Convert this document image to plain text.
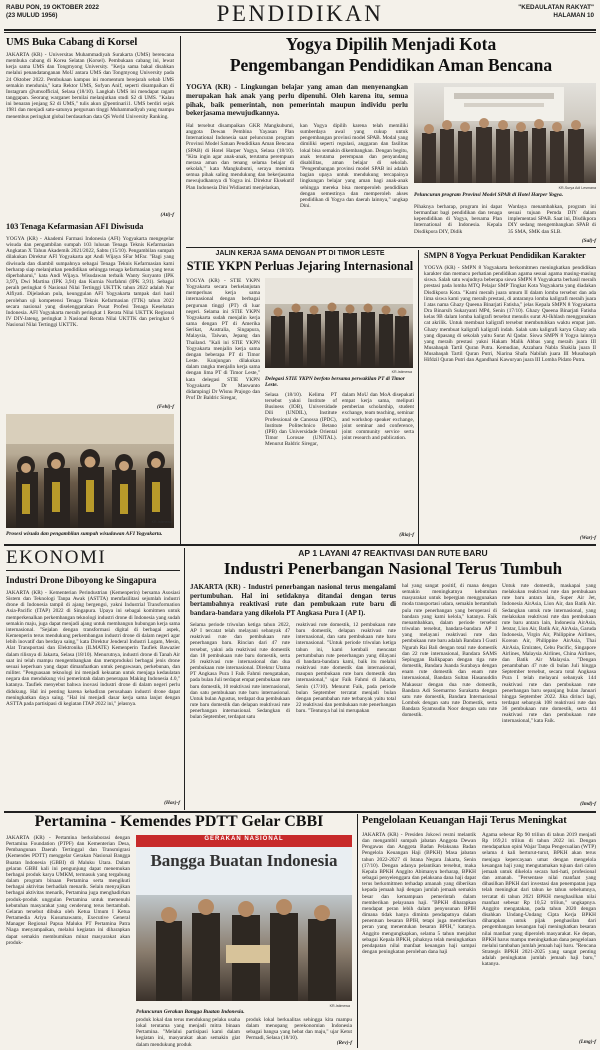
RABU PON, 19 OKTOBER 2022
(23 MULUD 1956)	PENDIDIKAN	"KEDAULATAN RAKYAT"
HALAMAN 10
UMS Buka Cabang di Korsel
JAKARTA (KR) - Universitas Muhammadiyah Surakarta (UMS) berencana membuka cabang di Korea Selatan (Korsel). Pembukaan cabang ini, lewat kerja sama UMS dan Tongmyong University. "Kerja sama bakal disahkan melalui penandatanganan MoU antara UMS dan Tongmyong University pada 24 Oktober 2022. Pembukaan kampus ini momentum berejarah sebab UMS semakin mendunia," kata Rektor UMS, Sofyan Anif, seperti disampaikan di Instagram @umsofficial, Selasa (18/10). Langkah UMS ini mendapat ragam tanggapan. Seorang warganet bernilai melanjutkan studi S2 di UMS. "Kalau ini benaran jenjang S2 di UMS," tulis akun @pentinarii1. UMS berdiri sejak 1981 dan menjadi satu-satunya perguruan tinggi Muhammadiyah yang mampu menembus peringkat global berdasarkan data QS World University Ranking.
(Ati)-f
103 Tenaga Kefarmasian AFI Diwisuda
YOGYA (KR) - Akademi Farmasi Indonesia (AFI) Yogyakarta mengegelar wisuda dan pengambilan sumpah 103 lulusan Tenaga Teknis Kefarmasian Angkatan X Tahun Akademik 2021/2022, Sabtu (15/10). Pengambilan sumpah dilakukan Direktur AFI Yogyakarta apt Andi Wijaya SFar MFar. "Bagi yang diwisuda dan diambil sumpahnya sebagai Tenaga Teknis Kefarmasian kami berharap siap melanjutkan pendidikan sehingga tenaga kefarmasian yang terus diperbaharui," kata Andi Wijaya. Wisudawan terbaik Wanty Suryanto (IPK 3,97), Dwi Martina (IPK 3,94) dan Kurnia Nurfahmi (IPK 3,91). Sebagai peraih peringkat 6 Nasional Nilai Tertinggi UKTTK tahun 2022 adalah Nur Alfiyati. Dijelaskan pula, keunggulan AFI Yogyakarta tampak dari hasil perolehan uji kompetensi Tenaga Teknis Kefarmasian (TTK) tahun 2022 secara nasional yang diselenggarakan Pusat Profesi Tenaga Kesehatan Indonesia. AFI Yogyakarta meraih peringkat 1 Rerata Nilai UKTTK Regional IV DIY-Jateng, peringkat 3 Nasional Rerata Nilai UKTTK dan peringkat 6 Nasional Nilai Tertinggi UKTTK.
(Febi)-f
KR-Istimewa
Prosesi wisuda dan pengambilan sumpah wisudawan AFI Yogyakarta.
Yogya Dipilih Menjadi Kota
Pengembangan Pendidikan Aman Bencana
YOGYA (KR) - Lingkungan belajar yang aman dan menyenangkan merupakan hak anak yang perlu dipenuhi. Oleh karena itu, semua pihak, baik pemerintah, non pemerintah maupun individu perlu bekerjasama mewujudkannya.
Hal tersebut disampaikan GKR Mangkubumi, anggota Dewan Pembina Yayasan Plan International Indonesia saat peluncuran program Provinsi Model Satuan Pendidikan Aman Bencana (SPAB) di Hotel Harper Yogya, Selasa (18/10). "Kita ingin agar anak-anak, terutama perempuan merasa aman dan tenang selama belajar di sekolah," kata Mangkubumi, seraya meminta semua pihak saling mendukung dan bekerjasama mewujudkannya di Yogya ini. Direktur Eksekutif Plan Indonesia Dini Widiastuti menjelaskan,
kan Yogya dipilih karena telah memiliki sumberdaya awal yang cukup untuk pengembangan provinsi model SPAB. Modal yang dimiliki seperti regulasi, anggaran dan fasilitas lokal bisa semakin dikembangkan. Dengan begitu, anak terutama perempuan dan penyandang disabilitas, aman belajar di sekolah. "Pengembangan provinsi model SPAB ini adalah bagian upaya untuk mendukung tercapainya lingkungan belajar yang aman bagi anak-anak sehingga mereka bisa memperoleh pendidikan dengan semestinya dan memperoleh akses pendidikan di Yogya dan daerah lainnya," ungkap Dini.
KR-Surya Adi Lesmana
Peluncuran program Provinsi Model SPAB di Hotel Harper Yogya.
Pihaknya berharap, program ini dapat bermanfaat bagi pendidikan dan tenaga kependidikan di Yogya, bersama Plan International di Indonesia. Kepala Disdikpora DIY, Didik
Wardaya menambahkan, program ini sesuai tujuan Pemda DIY dalam implementasi SPAB. Saat ini, Disdikpora DIY sedang mengembangkan SPAB di 35 SMA, SMK dan SLB.
(Sal)-f
JALIN KERJA SAMA DENGAN PT DI TIMOR LESTE
STIE YKPN Perluas Jejaring Internasional
YOGYA (KR) - STIE YKPN Yogyakarta secara berkelanjutan memperluas kerja sama internasional dengan berbagai perguruan tinggi (PT) di luar negeri. Selama ini STIE YKPN Yogyakarta sudah menjalin kerja sama dengan PT di Amerika Serikat, Australia, Singapura, Malaysia, Taiwan, Jepang dan Thailand. "Kali ini STIE YKPN Yogyakarta menjalin kerja sama dengan beberapa PT di Timor Leste. Kunjungan dilakukan dalam rangka menjalin kerja sama dengan lima PT di Timor Leste," kata delegasi STIE YKPN Yogyakarta Dr Maswanto didampingi Dr Wisnu Prajogo dan Prof Dr Baldric Siregar,
KR-Istimewa
Delegasi STIE YKPN berfoto bersama perwakilan PT di Timor Leste.
Selasa (18/10). Kelima PT tersebut yakni Institute of Business (IOB), Universidade Dili (UNDIL), Institute Professional de Canossa (IPDC), Institute Politechnico Betano (IPB) dan Universidade Oriental Timor Lorosae (UNITAL). Menurut Baldric Siregar,
dalam MoU dan MoA disepakati empat kerja sama, meliputi pemberian scholarship, student exchange, team teaching, seminar and workshop speaker exchange, joint seminar and conference, joint community service serta joint research and publication.
(Ria)-f
SMPN 8 Yogya Perkuat Pendidikan Karakter
YOGYA (KR) - SMPN 8 Yogyakarta berkomitmen meningkatkan pendidikan karakter dan memacu perhatian pendidikan agama sesuai agama masing-masing siswa. Salah satu wujudnya beberapa siswa SMPN 8 Yogyakarta berhasil meraih prestasi pada lomba MTQ Pelajar SMP Tingkat Kota Yogyakarta yang diadakan Disdikpora Kota. "Kami meraih juara umum II dalam lomba tersebut dan ada lima siswa kami yang meraih prestasi, di antaranya lomba kaligrafi meraih juara I atas nama Ghazy Queena Binarjati Fatisha," jelas Kepala SMPN 8 Yogyakarta Dra Binarsih Sukaryanti MPd, Senin (17/10). Ghazy Queena Binarjati Fatisha kelas 9B dalam lomba kaligrafi tersebut menulis surat Al-Ikhlash menggunakan cat akrilik. Untuk membuat kaligrafi tersebut membutuhkan waktu empat jam. Ghazy membuat kaligrafi kaligrafi indah. Salah satu kaligrafi karya Ghazy ada yang dipasang di sekolah yaitu Surat Al Qadar. Siswa SMPN 8 Yogya lainnya yang meraih prestasi yakni Hakam Malik Abbas yang meraih juara III Musabaqah Tartil Quran Putra. Kemudian, Azzahara Nabla Shakila juara II Musabaqah Tartil Quran Putri, Niarina Shafa Nabilah juara III Musabaqah Hifdzil Quran Putri dan Agandhani Kawuryan juara III Lomba Pidato Putra.
(War)-f
EKONOMI
Industri Drone Diboyong ke Singapura
JAKARTA (KR) - Kementerian Perindustrian (Kemenperin) bersama Asosiasi Sistem dan Teknologi Tanpa Awak (ASTTA) memfasilitasi sejumlah industri drone di Indonesia tampil di ajang bergengsi, yakni Industrial Transformation Asia-Pacific (ITAP) 2022 di Singapura. Upaya ini sebagai komitmen untuk memperkenalkan perkembangan teknologi industri drone di Indonesia yang sudah semakin maju, juga dapat menjadi ajang untuk membangun hubungan kerja sama internasional. "Sejalan dengan transformasi digital di berbagai aspek, Kemenperin terus mendukung perkembangan industri drone di dalam negeri agar lebih inovatif dan berdaya saing," kata Direktur Jenderal Industri Logam, Mesin, Alat Transportasi dan Elektronika (ILMATE) Kemenperin Taufiek Bawazier dalam rilisnya di Jakarta, Selasa (18/10). Menurutnya, industri drone di Tanah Air saat ini telah mampu mengembangkan dan memproduksi berbagai jenis drone sesuai keperluan yang dapat dimanfaatkan untuk pengawasan, perkebunan, dan militer. "Penguasaan teknologi ini menjadi kekuatan untuk menjaga kedaulatan negara dan mendukung visi pemerintah dalam penerapan Making Indonesia 4.0," katanya. Taufiek menyebut bahwa inovasi industri drone di dalam negeri perlu didukung. Hal ini penting karena kehadiran perusahaan industri drone dapat meningkatkan daya saing. "Hal ini menjadi dasar kerja sama lanjut dengan ASTTA pada partisipasi di kegiatan ITAP 2022 ini," jelasnya.
(Has)-f
AP 1 LAYANI 47 REAKTIVASI DAN RUTE BARU
Industri Penerbangan Nasional Terus Tumbuh
JAKARTA (KR) - Industri penerbangan nasional terus mengalami pertumbuhan. Hal ini setidaknya ditandai dengan terus bertambahnya reaktivasi rute dan pembukaan rute baru di bandara-bandara yang dikelola PT Angkasa Pura I (AP I).
Selama periode triwulan ketiga tahun 2022, AP I tercatat telah melayani sebanyak 47 reaktivasi rute dan pembukaan rute penerbangan baru. Rincian dari 47 rute tersebut, yakni ada reaktivasi rute domestik dan 18 pembukaan rute baru domestik, serta 26 reaktivasi rute internasional dan dua pembukaan rute internasional. Direktur Utama PT Angkasa Pura I Faik Fahmi mengatakan, pada bulan Juli terdapat empat pembukaan rute baru domestik, 10 reaktivasi rute internasional, dan satu pembukaan rute baru internasional. Untuk bulan Agustus, terdapat dua pembukaan rute baru domestik dan delapan reaktivasi rute penerbangan internasional. Sedangkan di bulan September, terdapat satu
reaktivasi rute domestik, 12 pembukaan rute baru domestik, delapan reaktivasi rute internasional, dan satu pembukaan rute baru internasional. "Untuk periode triwulan ketiga tahun ini, kami kembali mencatat pertumbuhan rute penerbangan yang dilayani di bandara-bandara kami, baik itu melalui reaktivasi rute domestik dan internasional, maupun pembukaan rute baru domestik dan internasional," ujar Faik Fahmi di Jakarta, Senin (17/10). Menurut Faik, pada periode bulan September tercatat menjadi bulan dengan penambahan rute terbanyak yaitu total 22 reaktivasi dan pembukaan rute penerbangan baru. "Tentunya hal ini merupakan
hal yang sangat positif, di mana dengan semakin meningkatnya kebutuhan masyarakat untuk bepergian menggunakan moda transportasi udara, semakin bertambah pula rute penerbangan yang beroperasi di bandara yang kami kelola," katanya. Faik menambahkan, dalam periode tersebut triwulan tersebut, bandara-bandara AP I yang melayani reaktivasi rute dan pembukaan rute baru adalah Bandara I Gusti Ngurah Rai Bali dengan total rute domestik dan 22 rute internasional, Bandara SAMS Sepinggan Balikpapan dengan tiga rute domestik, Bandara Juanda Surabaya dengan enam rute domestik dan enam rute internasional, Bandara Sultan Hasanuddin Makassar dengan dua rute domestik, Bandara Adi Soemarmo Surakarta dengan satu rute domestik, Bandara Internasional Lombok dengan satu rute Domestik, serta Bandara Syamsudin Noor dengan satu rute domestik.
Untuk rute domestik, maskapai yang melakukan reaktivasi rute dan pembukaan rute baru antara lain, Super Air Jet, Indonesia AirAsia, Lion Air, dan Batik Air. Sedangkan untuk rute internasional, yang melakukan reaktivasi rute dan pembukaan rute baru antara lain, Indonesia AirAsia, Jetstar, Lion Air, Batik Air, AirAsia, Garuda Indonesia, Virgin Air, Philippine Airlines, Korean Air, Philippine AirAsia, Thai AirAsia, Emirates, Cebu Pacific, Singapore Airlines, Malaysia Airlines, China Airlines, dan Batik Air Malaysia. "Dengan penambahan 47 rute di bulan Juli hingga September tersebut, secara total Angkasa Pura I telah melayani sebanyak 144 reaktivasi rute dan pembukaan rute penerbangan baru sepanjang bulan Januari hingga September 2022. Jika dirinci lagi, terdapat sebanyak 108 reaktivasi rute dan 36 pembukaan rute domestik, serta 44 reaktivasi rute dan pembukaan rute internasional," kata Faik.
(Imd)-f
Pertamina - Kemendes PDTT Gelar CBBI
JAKARTA (KR) - Pertamina berkolaborasi dengan Pertamina Foundation (PTPF) dan Kementerian Desa, Pembangunan Daerah Tertinggal dan Transmigrasi (Kemendes PDTT) menggelar Gerakan Nasional Bangga Buatan Indonesia (GBBI) di Maluku Utara. Dalam gelaran GBBI kali ini pengunjung dapat menemukan berbagai produk karya UMKM, termasuk yang tergabung dalam program binaan Pertamina serta mengikuti berbagai aktivitas berhadiah menarik. Selain menyajikan berbagai aktivitas menarik, Pertamina juga menghadirkan produk-produk unggulan Pertamina untuk memenuhi kebutuhan masyarakat yang cenderung terus bertambah. Gelaran tersebut dibuka oleh Ketua Umum I Ketua Pertamedia Ariya Kusumawanto, Executive General Manager Regional Papua Maluku PT Pertamina Patra Niaga menyampaikan, melalui kegiatan ini diharapkan dapat semakin membumikan minat masyarakat akan produk-
GERAKAN NASIONAL
Bangga Buatan Indonesia
KR-Istimewa
Peluncuran Gerakan Bangga Buatan Indonesia.
produk lokal dan terus mendukung pelaku usaha lokal terutama yang menjadi mitra binaan Pertamina. "Melalui partisipasi kami dalam kegiatan ini, masyarakat akan semakin giat dalam mendukung produk
produk lokal berkualitas sehingga kita mampu dalam menopang perekonomian Indonesia sebagai bangsa yang hebat dan maju," ujar Ketut Permadi, Selasa (18/10).
(Rev)-f
Pengelolaan Keuangan Haji Terus Meningkat
JAKARTA (KR) - Presiden Jokowi resmi melantik dan mengambil sumpah jabatan Anggota Dewan Pengawas dan Anggota Badan Pelaksana Badan Pengelola Keuangan Haji (BPKH) Masa jabatan tahun 2022-2027 di Istana Negara Jakarta, Senin (17/10). Dengan adanya pelantikan tersebut, maka Kepala BPKH Anggito Abimanyu berharap, BPKH sebagai penyelenggara dan pelaksana dana haji dapat terus berkomitmen terhadap amanah yang diberikan kepada jemaah haji dengan jumlah jemaah semakin besar dan kemampuan pemerintah dalam memberikan pelayanan haji. "BPKH diharapkan mendapat peran lebih dalam penyusunan BPIH dimana tidak hanya diminta pendapatnya dalam penentuan besaran BPIH, tetapi juga memberikan peran yang menentukan besaran BPIH," katanya. Anggito mengungkapkan, selama 5 tahun menjabat sebagai Kepala BPKH, pihaknya telah meningkatkan pendapatan nilai manfaat keuangan haji sampai dengan peningkatan perolehan dana haji
Agama sebesar Rp 90 triliun di tahun 2019 menjadi Rp 169,21 triliun di tahun 2022 ini. Dengan mendapatkan opini Wajar Tanpa Pengecualian (WTP) selama 4 kali berturut-turut, BPKH akan terus menjaga kepercayaan umat dengan mengelola keuangan haji yang mengutamakan tujuan dari calon jemaah untuk dikelola secara hati-hati, profesional dan amanah. "Persentase nilai manfaat yang dihasilkan BPKH dari investasi dan penempatan juga telah meningkat dari tahun ke tahun sebelumnya, tercatat di tahun 2021 BPKH menghasilkan nilai manfaat sebesar Rp 10,52 triliun," ungkapnya. Anggito mengatakan, pada tahun 2020 dengan disahkan Undang-Undang Cipta Kerja BPKH diharapkan untuk pijak penghasilan dari pengembangan keuangan haji meningkatkan besaran nilai manfaat yang diperoleh masyarakat. Ke depan, BPKH harus mampu meningkatkan dana pengelolaan melalui tambahan jumlah jemaah haji baru. "Rencana Strategis BPKH 2021-2025 yang sangat penting adalah peningkatan jumlah jemaah haji baru," katanya.
(Lmg)-f
